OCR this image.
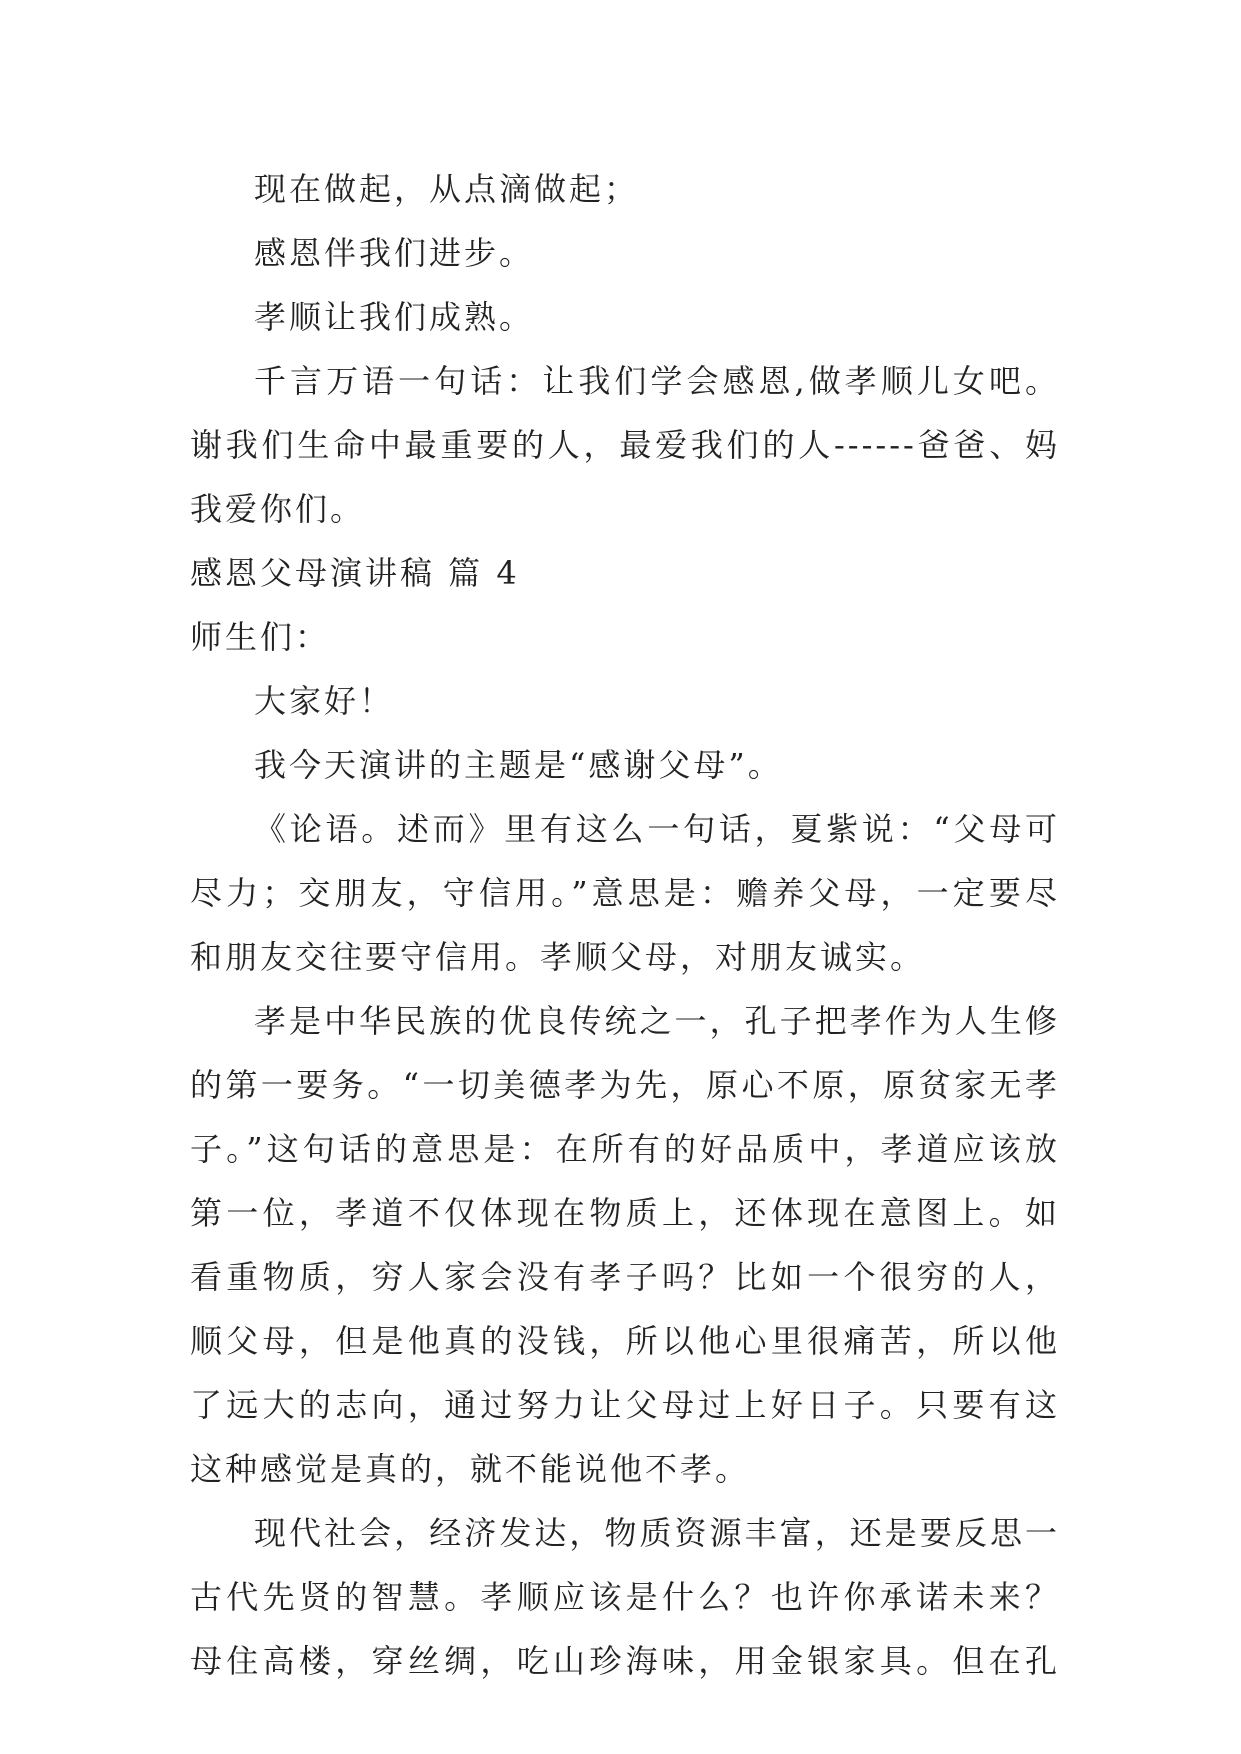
现在做起，从点滴做起；
感恩伴我们进步。
孝顺让我们成熟。
千言万语一句话：让我们学会感恩,做孝顺儿女吧。
谢我们生命中最重要的人，最爱我们的人------爸爸、妈
我爱你们。
感恩父母演讲稿 篇 4
师生们：
大家好！
我今天演讲的主题是“感谢父母”。
《论语。述而》里有这么一句话，夏紫说：“父母可
尽力；交朋友，守信用。”意思是：赡养父母，一定要尽
和朋友交往要守信用。孝顺父母，对朋友诚实。
孝是中华民族的优良传统之一，孔子把孝作为人生修
的第一要务。“一切美德孝为先，原心不原，原贫家无孝
子。”这句话的意思是：在所有的好品质中，孝道应该放
第一位，孝道不仅体现在物质上，还体现在意图上。如
看重物质，穷人家会没有孝子吗？比如一个很穷的人，
顺父母，但是他真的没钱，所以他心里很痛苦，所以他
了远大的志向，通过努力让父母过上好日子。只要有这
这种感觉是真的，就不能说他不孝。
现代社会，经济发达，物质资源丰富，还是要反思一
古代先贤的智慧。孝顺应该是什么？也许你承诺未来？
母住高楼，穿丝绸，吃山珍海味，用金银家具。但在孔
